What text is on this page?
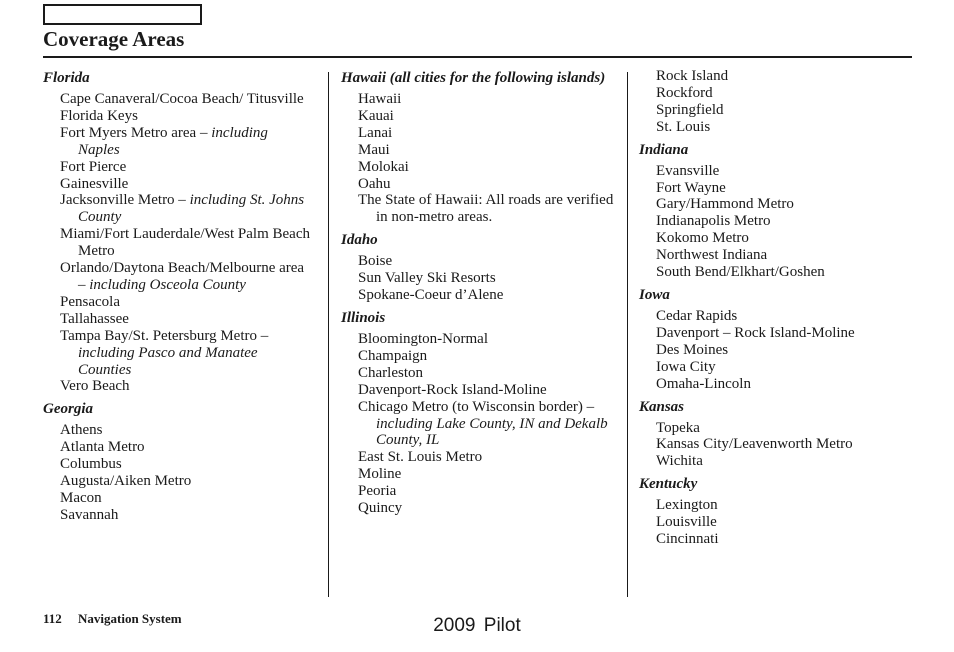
Coverage Areas
Florida
Cape Canaveral/Cocoa Beach/ Titusville
Florida Keys
Fort Myers Metro area – including Naples
Fort Pierce
Gainesville
Jacksonville Metro – including St. Johns County
Miami/Fort Lauderdale/West Palm Beach Metro
Orlando/Daytona Beach/Melbourne area – including Osceola County
Pensacola
Tallahassee
Tampa Bay/St. Petersburg Metro – including Pasco and Manatee Counties
Vero Beach
Georgia
Athens
Atlanta Metro
Columbus
Augusta/Aiken Metro
Macon
Savannah
Hawaii (all cities for the following islands)
Hawaii
Kauai
Lanai
Maui
Molokai
Oahu
The State of Hawaii: All roads are verified in non-metro areas.
Idaho
Boise
Sun Valley Ski Resorts
Spokane-Coeur d’Alene
Illinois
Bloomington-Normal
Champaign
Charleston
Davenport-Rock Island-Moline
Chicago Metro (to Wisconsin border) – including Lake County, IN and Dekalb County, IL
East St. Louis Metro
Moline
Peoria
Quincy
Rock Island
Rockford
Springfield
St. Louis
Indiana
Evansville
Fort Wayne
Gary/Hammond Metro
Indianapolis Metro
Kokomo Metro
Northwest Indiana
South Bend/Elkhart/Goshen
Iowa
Cedar Rapids
Davenport – Rock Island-Moline
Des Moines
Iowa City
Omaha-Lincoln
Kansas
Topeka
Kansas City/Leavenworth Metro
Wichita
Kentucky
Lexington
Louisville
Cincinnati
112 Navigation System	2009 Pilot
